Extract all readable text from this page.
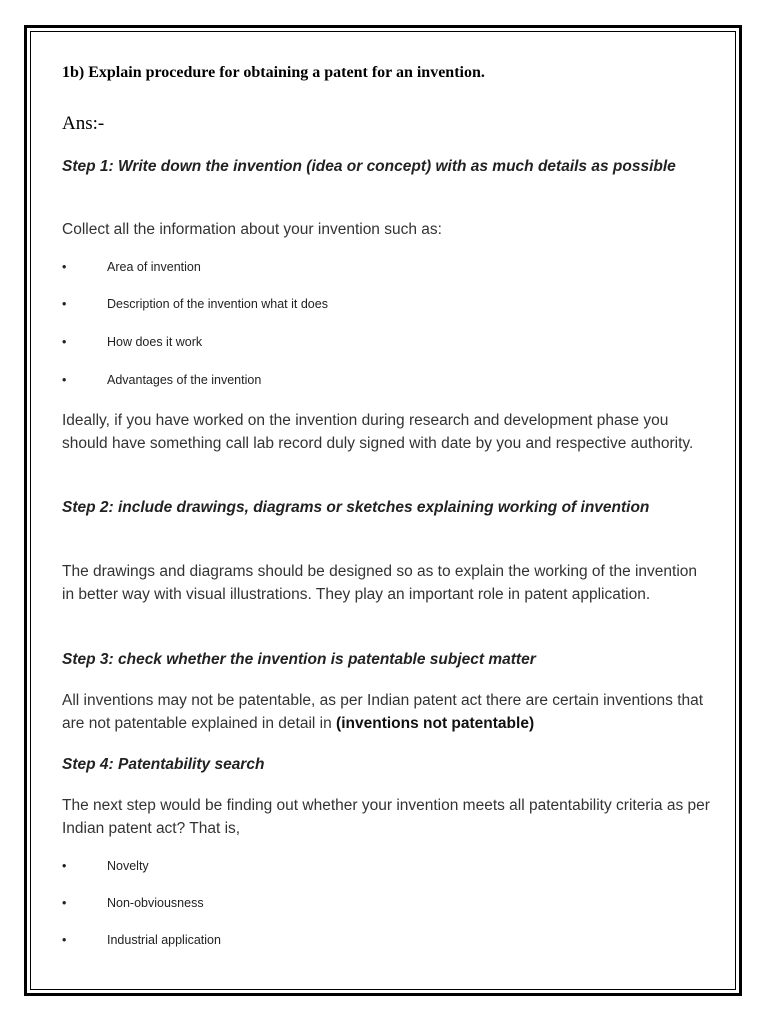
1b) Explain procedure for obtaining a patent for an invention.

Ans:-

Step 1: Write down the invention (idea or concept) with as much details as possible

Collect all the information about your invention such as:

•	Area of invention
•	Description of the invention what it does
•	How does it work
•	Advantages of the invention

Ideally, if you have worked on the invention during research and development phase you should have something call lab record duly signed with date by you and respective authority.

Step 2: include drawings, diagrams or sketches explaining working of invention

The drawings and diagrams should be designed so as to explain the working of the invention in better way with visual illustrations. They play an important role in patent application.

Step 3: check whether the invention is patentable subject matter

All inventions may not be patentable, as per Indian patent act there are certain inventions that are not patentable explained in detail in (inventions not patentable)

Step 4: Patentability search

The next step would be finding out whether your invention meets all patentability criteria as per Indian patent act? That is,

•	Novelty
•	Non-obviousness
•	Industrial application
